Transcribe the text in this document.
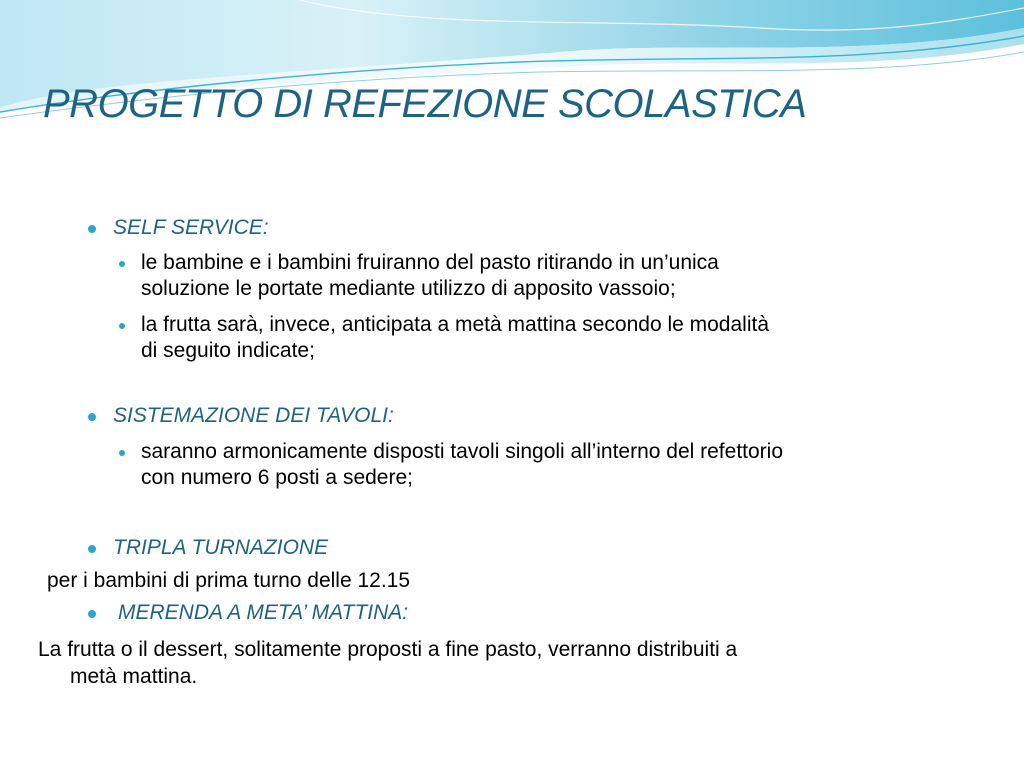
PROGETTO DI REFEZIONE SCOLASTICA
SELF SERVICE:
le bambine e i bambini fruiranno del pasto ritirando in un’unica
soluzione le portate mediante utilizzo di apposito vassoio;
la frutta sarà, invece, anticipata a metà mattina secondo le modalità
di seguito indicate;
SISTEMAZIONE DEI TAVOLI:
saranno armonicamente disposti tavoli singoli all’interno del refettorio
con numero 6 posti a sedere;
TRIPLA TURNAZIONE
per i bambini di prima turno delle 12.15
MERENDA A META’ MATTINA:
La frutta o il dessert, solitamente proposti a fine pasto, verranno distribuiti a
metà mattina.
